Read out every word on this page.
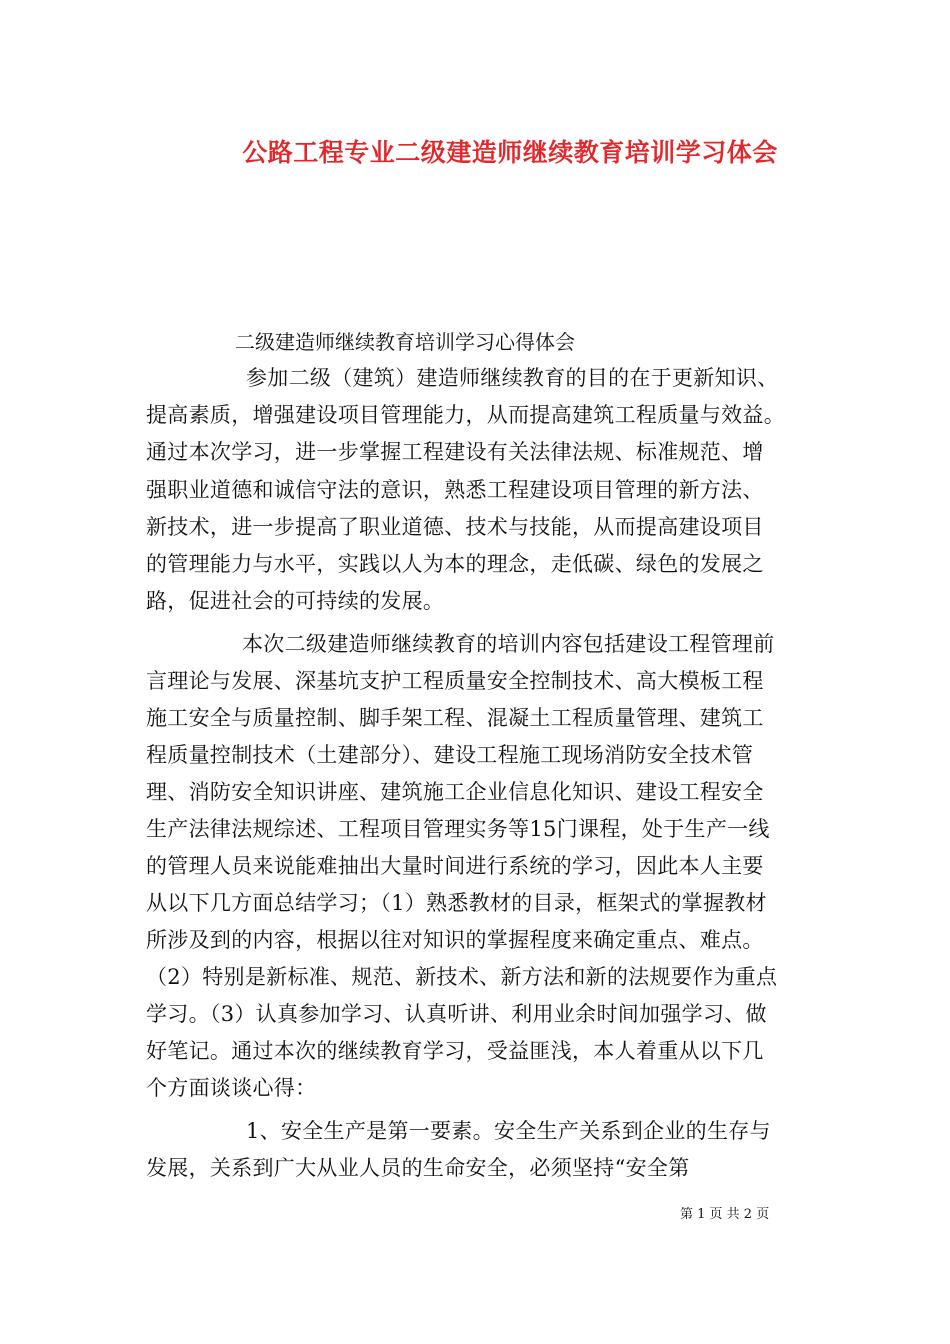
公路工程专业二级建造师继续教育培训学习体会
二级建造师继续教育培训学习心得体会
参加二级（建筑）建造师继续教育的目的在于更新知识、
提高素质，增强建设项目管理能力，从而提高建筑工程质量与效益。
通过本次学习，进一步掌握工程建设有关法律法规、标准规范、增
强职业道德和诚信守法的意识，熟悉工程建设项目管理的新方法、
新技术，进一步提高了职业道德、技术与技能，从而提高建设项目
的管理能力与水平，实践以人为本的理念，走低碳、绿色的发展之
路，促进社会的可持续的发展。
本次二级建造师继续教育的培训内容包括建设工程管理前
言理论与发展、深基坑支护工程质量安全控制技术、高大模板工程
施工安全与质量控制、脚手架工程、混凝土工程质量管理、建筑工
程质量控制技术（土建部分）、建设工程施工现场消防安全技术管
理、消防安全知识讲座、建筑施工企业信息化知识、建设工程安全
生产法律法规综述、工程项目管理实务等15门课程，处于生产一线
的管理人员来说能难抽出大量时间进行系统的学习，因此本人主要
从以下几方面总结学习；（1）熟悉教材的目录，框架式的掌握教材
所涉及到的内容，根据以往对知识的掌握程度来确定重点、难点。
（2）特别是新标准、规范、新技术、新方法和新的法规要作为重点
学习。（3）认真参加学习、认真听讲、利用业余时间加强学习、做
好笔记。通过本次的继续教育学习，受益匪浅，本人着重从以下几
个方面谈谈心得：
1、安全生产是第一要素。安全生产关系到企业的生存与
发展，关系到广大从业人员的生命安全，必须坚持“安全第
第 1 页 共 2 页
